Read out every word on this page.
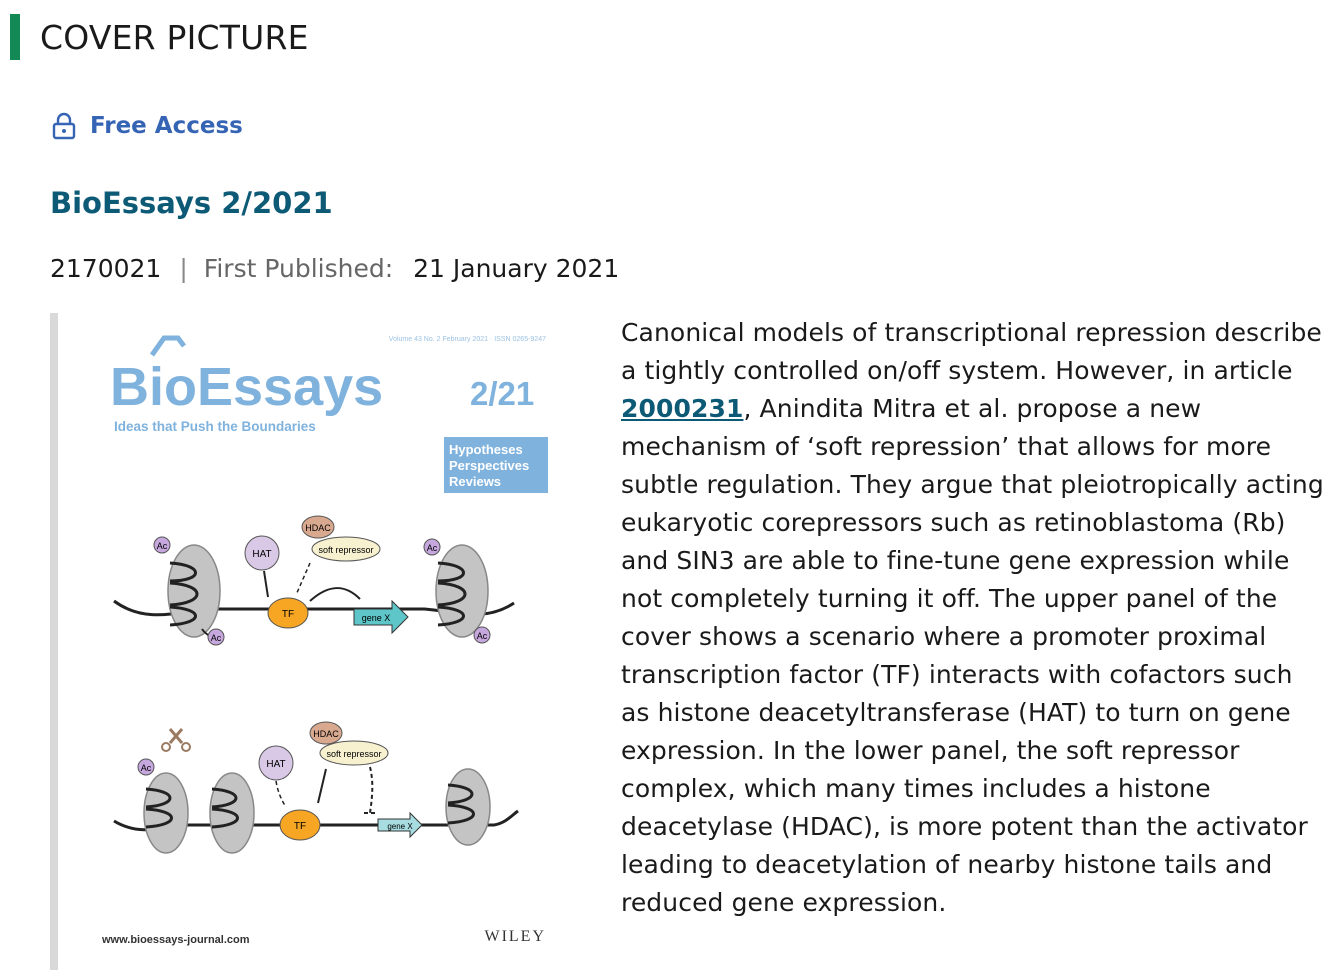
COVER PICTURE
Free Access
BioEssays 2/2021
2170021 | First Published: 21 January 2021
Volume 43 No. 2 February 2021 · ISSN 0265-9247
BioEssays	2/21
Ideas that Push the Boundaries
Hypotheses
Perspectives
Reviews
Ac
Ac
Ac
Ac
HAT
HDAC
soft repressor
TF	gene X
Ac	HAT
HDAC
soft repressor
TF	gene X
www.bioessays-journal.com	WILEY

Canonical models of transcriptional repression describe a tightly controlled on/off system. However, in article 2000231, Anindita Mitra et al. propose a new mechanism of ‘soft repression’ that allows for more subtle regulation. They argue that pleiotropically acting eukaryotic corepressors such as retinoblastoma (Rb) and SIN3 are able to fine-tune gene expression while not completely turning it off. The upper panel of the cover shows a scenario where a promoter proximal transcription factor (TF) interacts with cofactors such as histone deacetyltransferase (HAT) to turn on gene expression. In the lower panel, the soft repressor complex, which many times includes a histone deacetylase (HDAC), is more potent than the activator leading to deacetylation of nearby histone tails and reduced gene expression.
